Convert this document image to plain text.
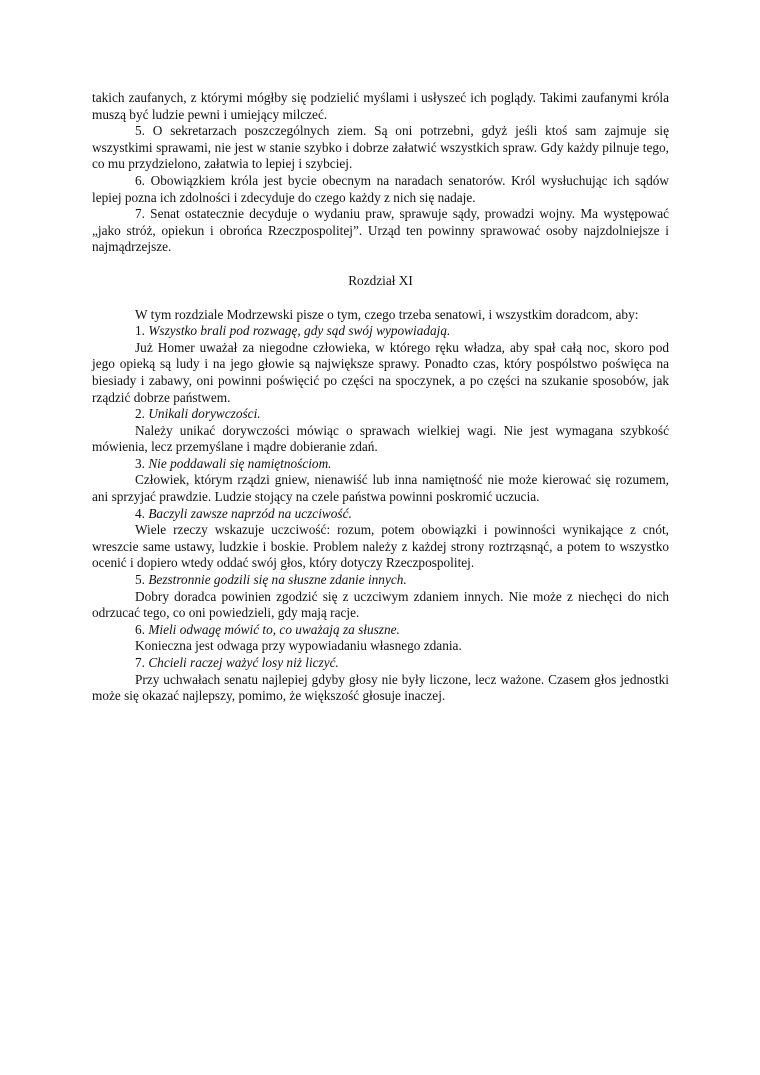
takich zaufanych, z którymi mógłby się podzielić myślami i usłyszeć ich poglądy. Takimi zaufanymi króla muszą być ludzie pewni i umiejący milczeć.

5. O sekretarzach poszczególnych ziem. Są oni potrzebni, gdyż jeśli ktoś sam zajmuje się wszystkimi sprawami, nie jest w stanie szybko i dobrze załatwić wszystkich spraw. Gdy każdy pilnuje tego, co mu przydzielono, załatwia to lepiej i szybciej.

6. Obowiązkiem króla jest bycie obecnym na naradach senatorów. Król wysłuchując ich sądów lepiej pozna ich zdolności i zdecyduje do czego każdy z nich się nadaje.

7. Senat ostatecznie decyduje o wydaniu praw, sprawuje sądy, prowadzi wojny. Ma występować „jako stróż, opiekun i obrońca Rzeczpospolitej”. Urząd ten powinny sprawować osoby najzdolniejsze i najmądrzejsze.

Rozdział XI

W tym rozdziale Modrzewski pisze o tym, czego trzeba senatowi, i wszystkim doradcom, aby:

1. Wszystko brali pod rozwagę, gdy sąd swój wypowiadają.

Już Homer uważał za niegodne człowieka, w którego ręku władza, aby spał całą noc, skoro pod jego opieką są ludy i na jego głowie są największe sprawy. Ponadto czas, który pospólstwo poświęca na biesiady i zabawy, oni powinni poświęcić po części na spoczynek, a po części na szukanie sposobów, jak rządzić dobrze państwem.

2. Unikali dorywczości.

Należy unikać dorywczości mówiąc o sprawach wielkiej wagi. Nie jest wymagana szybkość mówienia, lecz przemyślane i mądre dobieranie zdań.

3. Nie poddawali się namiętnościom.

Człowiek, którym rządzi gniew, nienawiść lub inna namiętność nie może kierować się rozumem, ani sprzyjać prawdzie. Ludzie stojący na czele państwa powinni poskromić uczucia.

4. Baczyli zawsze naprzód na uczciwość.

Wiele rzeczy wskazuje uczciwość: rozum, potem obowiązki i powinności wynikające z cnót, wreszcie same ustawy, ludzkie i boskie. Problem należy z każdej strony roztrząsnąć, a potem to wszystko ocenić i dopiero wtedy oddać swój głos, który dotyczy Rzeczpospolitej.

5. Bezstronnie godzili się na słuszne zdanie innych.

Dobry doradca powinien zgodzić się z uczciwym zdaniem innych. Nie może z niechęci do nich odrzucać tego, co oni powiedzieli, gdy mają racje.

6. Mieli odwagę mówić to, co uważają za słuszne.

Konieczna jest odwaga przy wypowiadaniu własnego zdania.

7. Chcieli raczej ważyć losy niż liczyć.

Przy uchwałach senatu najlepiej gdyby głosy nie były liczone, lecz ważone. Czasem głos jednostki może się okazać najlepszy, pomimo, że większość głosuje inaczej.
